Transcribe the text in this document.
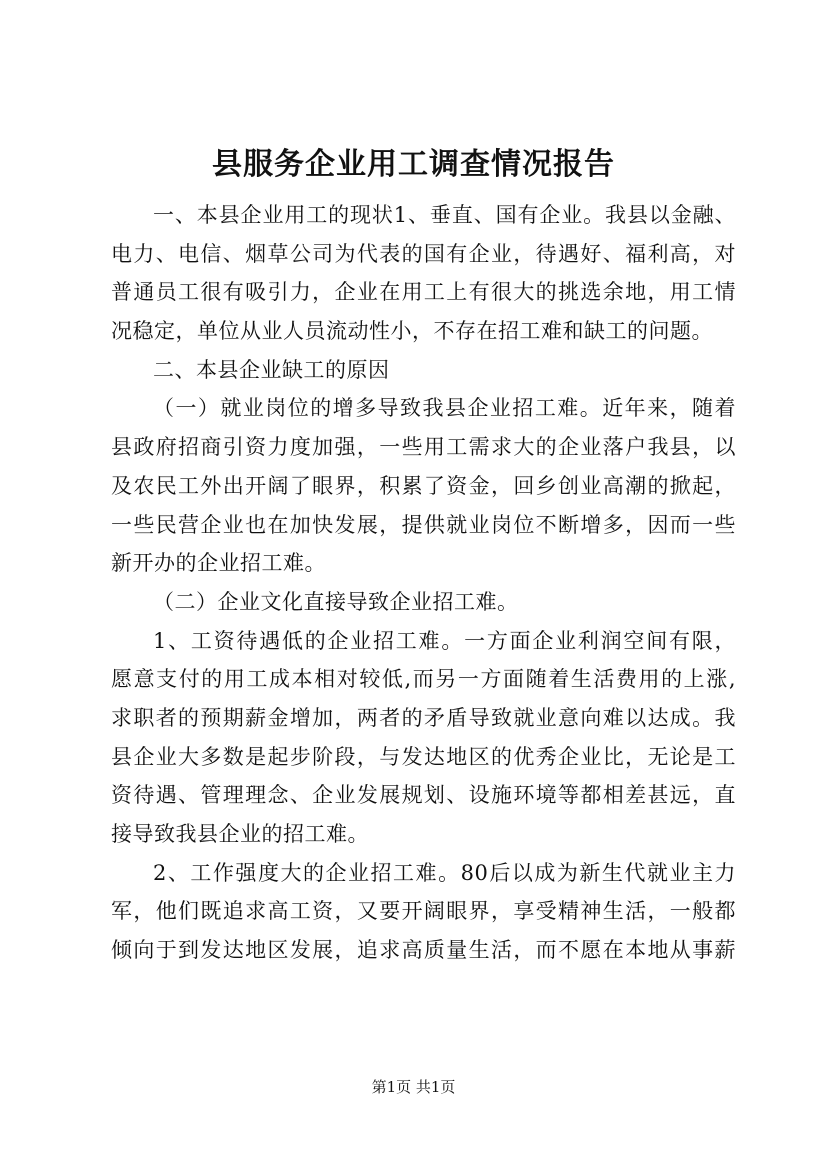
县服务企业用工调查情况报告
一、本县企业用工的现状1、垂直、国有企业。我县以金融、
电力、电信、烟草公司为代表的国有企业，待遇好、福利高，对
普通员工很有吸引力，企业在用工上有很大的挑选余地，用工情
况稳定，单位从业人员流动性小，不存在招工难和缺工的问题。
二、本县企业缺工的原因
（一）就业岗位的增多导致我县企业招工难。近年来，随着
县政府招商引资力度加强，一些用工需求大的企业落户我县，以
及农民工外出开阔了眼界，积累了资金，回乡创业高潮的掀起，
一些民营企业也在加快发展，提供就业岗位不断增多，因而一些
新开办的企业招工难。
（二）企业文化直接导致企业招工难。
1、工资待遇低的企业招工难。一方面企业利润空间有限，
愿意支付的用工成本相对较低,而另一方面随着生活费用的上涨,
求职者的预期薪金增加，两者的矛盾导致就业意向难以达成。我
县企业大多数是起步阶段，与发达地区的优秀企业比，无论是工
资待遇、管理理念、企业发展规划、设施环境等都相差甚远，直
接导致我县企业的招工难。
2、工作强度大的企业招工难。80后以成为新生代就业主力
军，他们既追求高工资，又要开阔眼界，享受精神生活，一般都
倾向于到发达地区发展，追求高质量生活，而不愿在本地从事薪
第1页 共1页
